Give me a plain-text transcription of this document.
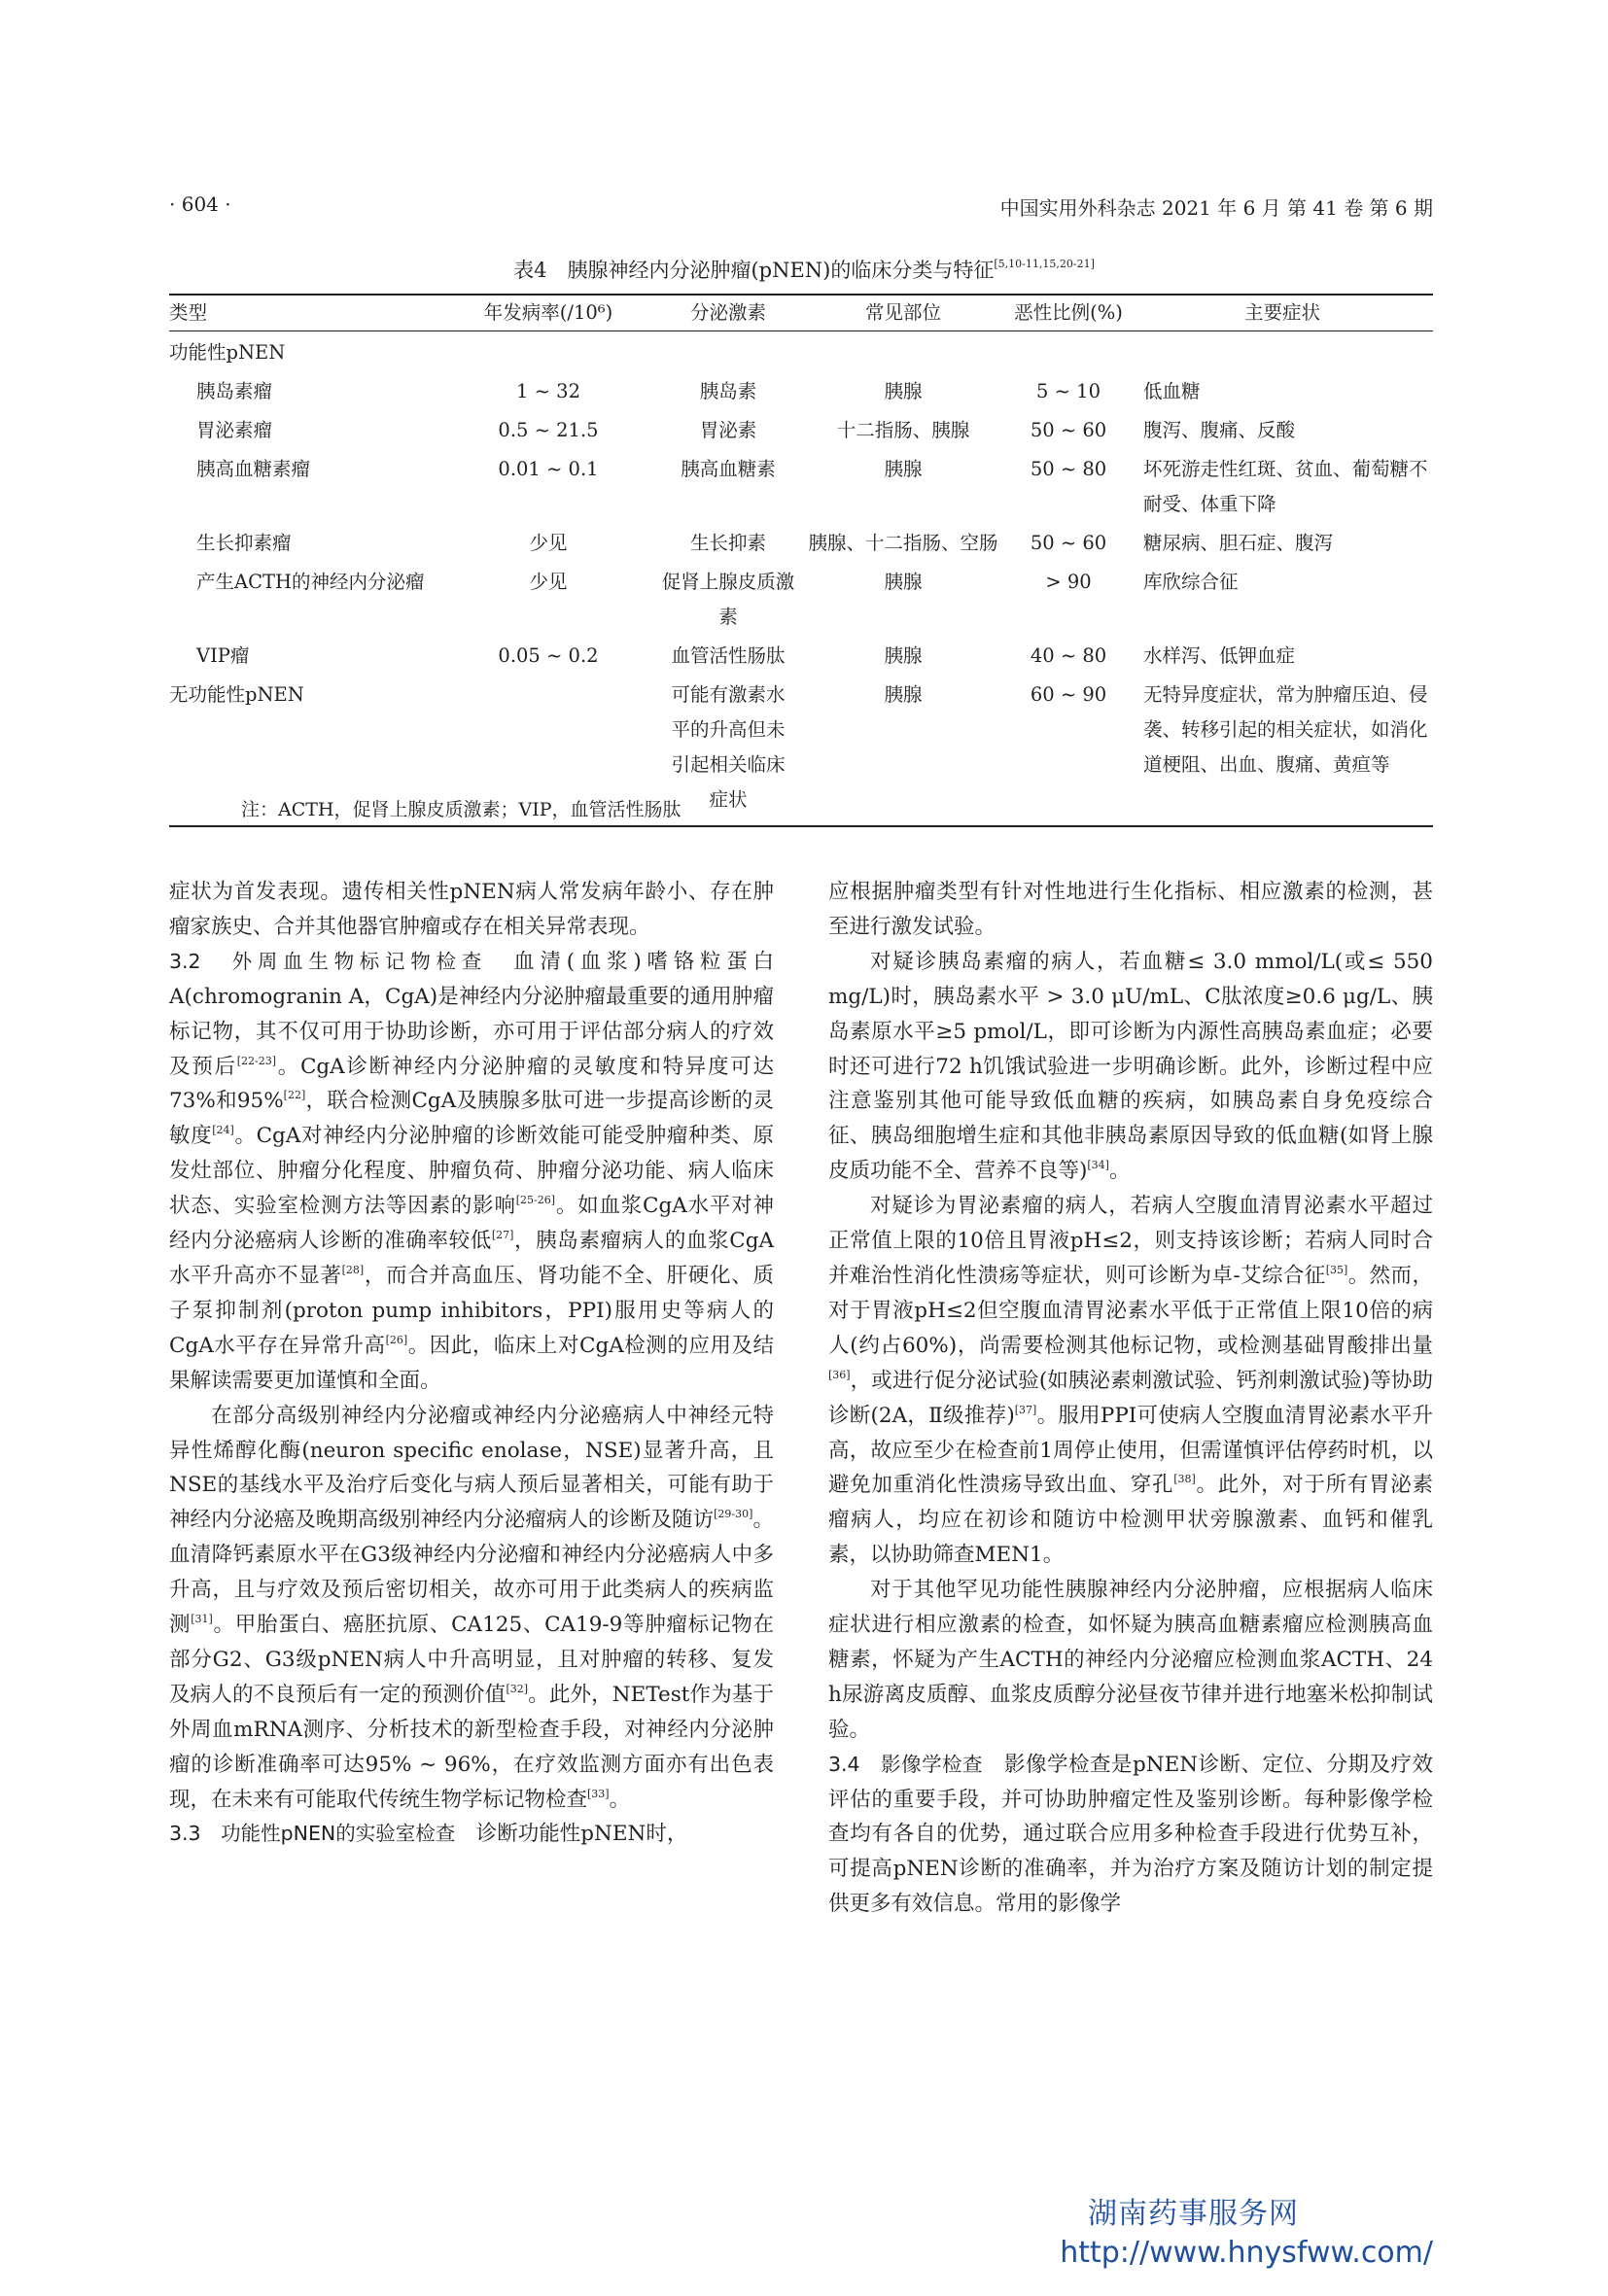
· 604 ·	中国实用外科杂志 2021 年 6 月 第 41 卷 第 6 期
表4　胰腺神经内分泌肿瘤(pNEN)的临床分类与特征[5,10-11,15,20-21]
类型	年发病率(/10⁶)	分泌激素	常见部位	恶性比例(%)	主要症状
功能性pNEN					
胰岛素瘤	1 ~ 32	胰岛素	胰腺	5 ~ 10	低血糖
胃泌素瘤	0.5 ~ 21.5	胃泌素	十二指肠、胰腺	50 ~ 60	腹泻、腹痛、反酸
胰高血糖素瘤	0.01 ~ 0.1	胰高血糖素	胰腺	50 ~ 80	坏死游走性红斑、贫血、葡萄糖不耐受、体重下降
生长抑素瘤	少见	生长抑素	胰腺、十二指肠、空肠	50 ~ 60	糖尿病、胆石症、腹泻
产生ACTH的神经内分泌瘤	少见	促肾上腺皮质激素	胰腺	> 90	库欣综合征
VIP瘤	0.05 ~ 0.2	血管活性肠肽	胰腺	40 ~ 80	水样泻、低钾血症
无功能性pNEN		可能有激素水平的升高但未引起相关临床症状	胰腺	60 ~ 90	无特异度症状，常为肿瘤压迫、侵袭、转移引起的相关症状，如消化道梗阻、出血、腹痛、黄疸等
注：ACTH，促肾上腺皮质激素；VIP，血管活性肠肽

症状为首发表现。遗传相关性pNEN病人常发病年龄小、存在肿瘤家族史、合并其他器官肿瘤或存在相关异常表现。

3.2　外周血生物标记物检查　血清(血浆)嗜铬粒蛋白A(chromogranin A，CgA)是神经内分泌肿瘤最重要的通用肿瘤标记物，其不仅可用于协助诊断，亦可用于评估部分病人的疗效及预后[22-23]。CgA诊断神经内分泌肿瘤的灵敏度和特异度可达73%和95%[22]，联合检测CgA及胰腺多肽可进一步提高诊断的灵敏度[24]。CgA对神经内分泌肿瘤的诊断效能可能受肿瘤种类、原发灶部位、肿瘤分化程度、肿瘤负荷、肿瘤分泌功能、病人临床状态、实验室检测方法等因素的影响[25-26]。如血浆CgA水平对神经内分泌癌病人诊断的准确率较低[27]，胰岛素瘤病人的血浆CgA水平升高亦不显著[28]，而合并高血压、肾功能不全、肝硬化、质子泵抑制剂(proton pump inhibitors，PPI)服用史等病人的CgA水平存在异常升高[26]。因此，临床上对CgA检测的应用及结果解读需要更加谨慎和全面。

在部分高级别神经内分泌瘤或神经内分泌癌病人中神经元特异性烯醇化酶(neuron specific enolase，NSE)显著升高，且NSE的基线水平及治疗后变化与病人预后显著相关，可能有助于神经内分泌癌及晚期高级别神经内分泌瘤病人的诊断及随访[29-30]。血清降钙素原水平在G3级神经内分泌瘤和神经内分泌癌病人中多升高，且与疗效及预后密切相关，故亦可用于此类病人的疾病监测[31]。甲胎蛋白、癌胚抗原、CA125、CA19-9等肿瘤标记物在部分G2、G3级pNEN病人中升高明显，且对肿瘤的转移、复发及病人的不良预后有一定的预测价值[32]。此外，NETest作为基于外周血mRNA测序、分析技术的新型检查手段，对神经内分泌肿瘤的诊断准确率可达95% ~ 96%，在疗效监测方面亦有出色表现，在未来有可能取代传统生物学标记物检查[33]。

3.3　功能性pNEN的实验室检查　诊断功能性pNEN时，

应根据肿瘤类型有针对性地进行生化指标、相应激素的检测，甚至进行激发试验。

对疑诊胰岛素瘤的病人，若血糖≤ 3.0 mmol/L(或≤ 550 mg/L)时，胰岛素水平 > 3.0 μU/mL、C肽浓度≥0.6 μg/L、胰岛素原水平≥5 pmol/L，即可诊断为内源性高胰岛素血症；必要时还可进行72 h饥饿试验进一步明确诊断。此外，诊断过程中应注意鉴别其他可能导致低血糖的疾病，如胰岛素自身免疫综合征、胰岛细胞增生症和其他非胰岛素原因导致的低血糖(如肾上腺皮质功能不全、营养不良等)[34]。

对疑诊为胃泌素瘤的病人，若病人空腹血清胃泌素水平超过正常值上限的10倍且胃液pH≤2，则支持该诊断；若病人同时合并难治性消化性溃疡等症状，则可诊断为卓-艾综合征[35]。然而，对于胃液pH≤2但空腹血清胃泌素水平低于正常值上限10倍的病人(约占60%)，尚需要检测其他标记物，或检测基础胃酸排出量[36]，或进行促分泌试验(如胰泌素刺激试验、钙剂刺激试验)等协助诊断(2A，Ⅱ级推荐)[37]。服用PPI可使病人空腹血清胃泌素水平升高，故应至少在检查前1周停止使用，但需谨慎评估停药时机，以避免加重消化性溃疡导致出血、穿孔[38]。此外，对于所有胃泌素瘤病人，均应在初诊和随访中检测甲状旁腺激素、血钙和催乳素，以协助筛查MEN1。

对于其他罕见功能性胰腺神经内分泌肿瘤，应根据病人临床症状进行相应激素的检查，如怀疑为胰高血糖素瘤应检测胰高血糖素，怀疑为产生ACTH的神经内分泌瘤应检测血浆ACTH、24 h尿游离皮质醇、血浆皮质醇分泌昼夜节律并进行地塞米松抑制试验。

3.4　影像学检查　影像学检查是pNEN诊断、定位、分期及疗效评估的重要手段，并可协助肿瘤定性及鉴别诊断。每种影像学检查均有各自的优势，通过联合应用多种检查手段进行优势互补，可提高pNEN诊断的准确率，并为治疗方案及随访计划的制定提供更多有效信息。常用的影像学

湖南药事服务网
http://www.hnysfww.com/
